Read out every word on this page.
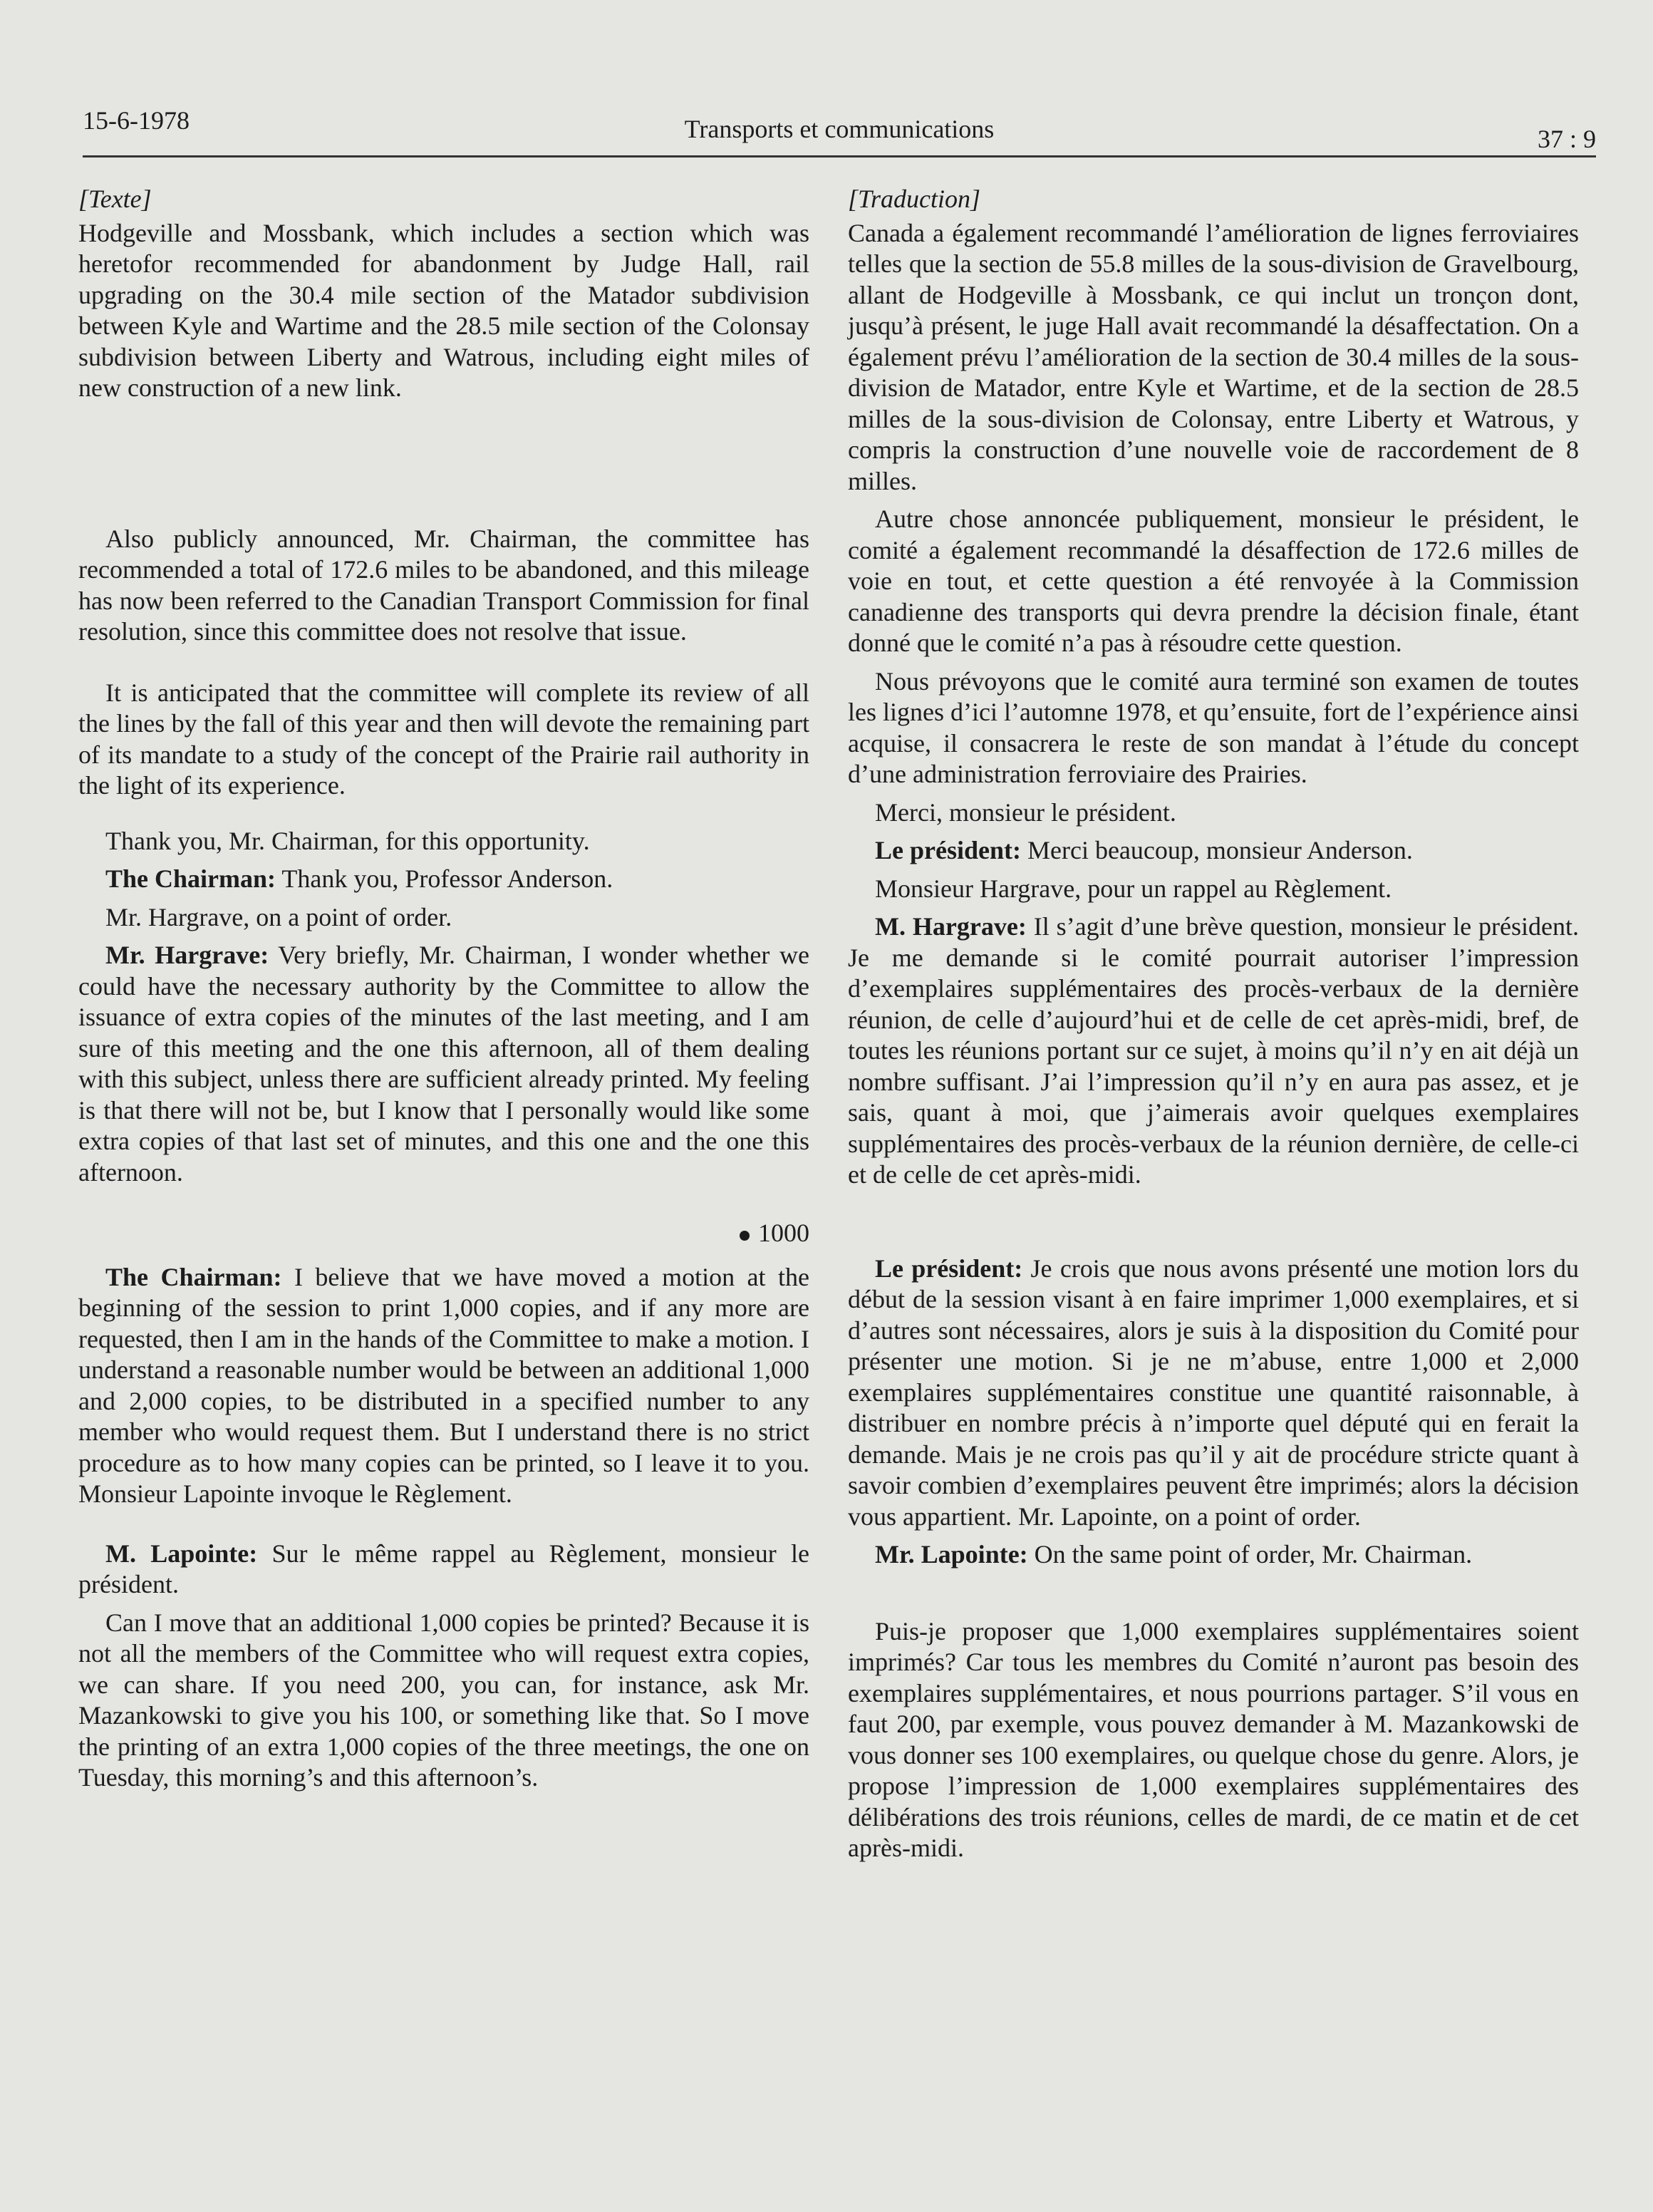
15-6-1978	Transports et communications	37 : 9

[Texte]

Hodgeville and Mossbank, which includes a section which was heretofor recommended for abandonment by Judge Hall, rail upgrading on the 30.4 mile section of the Matador subdivision between Kyle and Wartime and the 28.5 mile section of the Colonsay subdivision between Liberty and Watrous, including eight miles of new construction of a new link.

Also publicly announced, Mr. Chairman, the committee has recommended a total of 172.6 miles to be abandoned, and this mileage has now been referred to the Canadian Transport Commission for final resolution, since this committee does not resolve that issue.

It is anticipated that the committee will complete its review of all the lines by the fall of this year and then will devote the remaining part of its mandate to a study of the concept of the Prairie rail authority in the light of its experience.

Thank you, Mr. Chairman, for this opportunity.

The Chairman: Thank you, Professor Anderson.

Mr. Hargrave, on a point of order.

Mr. Hargrave: Very briefly, Mr. Chairman, I wonder whether we could have the necessary authority by the Committee to allow the issuance of extra copies of the minutes of the last meeting, and I am sure of this meeting and the one this afternoon, all of them dealing with this subject, unless there are sufficient already printed. My feeling is that there will not be, but I know that I personally would like some extra copies of that last set of minutes, and this one and the one this afternoon.

1000

The Chairman: I believe that we have moved a motion at the beginning of the session to print 1,000 copies, and if any more are requested, then I am in the hands of the Committee to make a motion. I understand a reasonable number would be between an additional 1,000 and 2,000 copies, to be distributed in a specified number to any member who would request them. But I understand there is no strict procedure as to how many copies can be printed, so I leave it to you. Monsieur Lapointe invoque le Règlement.

M. Lapointe: Sur le même rappel au Règlement, monsieur le président.

Can I move that an additional 1,000 copies be printed? Because it is not all the members of the Committee who will request extra copies, we can share. If you need 200, you can, for instance, ask Mr. Mazankowski to give you his 100, or something like that. So I move the printing of an extra 1,000 copies of the three meetings, the one on Tuesday, this morning’s and this afternoon’s.

[Traduction]

Canada a également recommandé l’amélioration de lignes ferroviaires telles que la section de 55.8 milles de la sous-division de Gravelbourg, allant de Hodgeville à Mossbank, ce qui inclut un tronçon dont, jusqu’à présent, le juge Hall avait recommandé la désaffectation. On a également prévu l’amélioration de la section de 30.4 milles de la sous-division de Matador, entre Kyle et Wartime, et de la section de 28.5 milles de la sous-division de Colonsay, entre Liberty et Watrous, y compris la construction d’une nouvelle voie de raccordement de 8 milles.

Autre chose annoncée publiquement, monsieur le président, le comité a également recommandé la désaffection de 172.6 milles de voie en tout, et cette question a été renvoyée à la Commission canadienne des transports qui devra prendre la décision finale, étant donné que le comité n’a pas à résoudre cette question.

Nous prévoyons que le comité aura terminé son examen de toutes les lignes d’ici l’automne 1978, et qu’ensuite, fort de l’expérience ainsi acquise, il consacrera le reste de son mandat à l’étude du concept d’une administration ferroviaire des Prairies.

Merci, monsieur le président.

Le président: Merci beaucoup, monsieur Anderson.

Monsieur Hargrave, pour un rappel au Règlement.

M. Hargrave: Il s’agit d’une brève question, monsieur le président. Je me demande si le comité pourrait autoriser l’impression d’exemplaires supplémentaires des procès-verbaux de la dernière réunion, de celle d’aujourd’hui et de celle de cet après-midi, bref, de toutes les réunions portant sur ce sujet, à moins qu’il n’y en ait déjà un nombre suffisant. J’ai l’impression qu’il n’y en aura pas assez, et je sais, quant à moi, que j’aimerais avoir quelques exemplaires supplémentaires des procès-verbaux de la réunion dernière, de celle-ci et de celle de cet après-midi.

Le président: Je crois que nous avons présenté une motion lors du début de la session visant à en faire imprimer 1,000 exemplaires, et si d’autres sont nécessaires, alors je suis à la disposition du Comité pour présenter une motion. Si je ne m’abuse, entre 1,000 et 2,000 exemplaires supplémentaires constitue une quantité raisonnable, à distribuer en nombre précis à n’importe quel député qui en ferait la demande. Mais je ne crois pas qu’il y ait de procédure stricte quant à savoir combien d’exemplaires peuvent être imprimés; alors la décision vous appartient. Mr. Lapointe, on a point of order.

Mr. Lapointe: On the same point of order, Mr. Chairman.

Puis-je proposer que 1,000 exemplaires supplémentaires soient imprimés? Car tous les membres du Comité n’auront pas besoin des exemplaires supplémentaires, et nous pourrions partager. S’il vous en faut 200, par exemple, vous pouvez demander à M. Mazankowski de vous donner ses 100 exemplaires, ou quelque chose du genre. Alors, je propose l’impression de 1,000 exemplaires supplémentaires des délibérations des trois réunions, celles de mardi, de ce matin et de cet après-midi.
